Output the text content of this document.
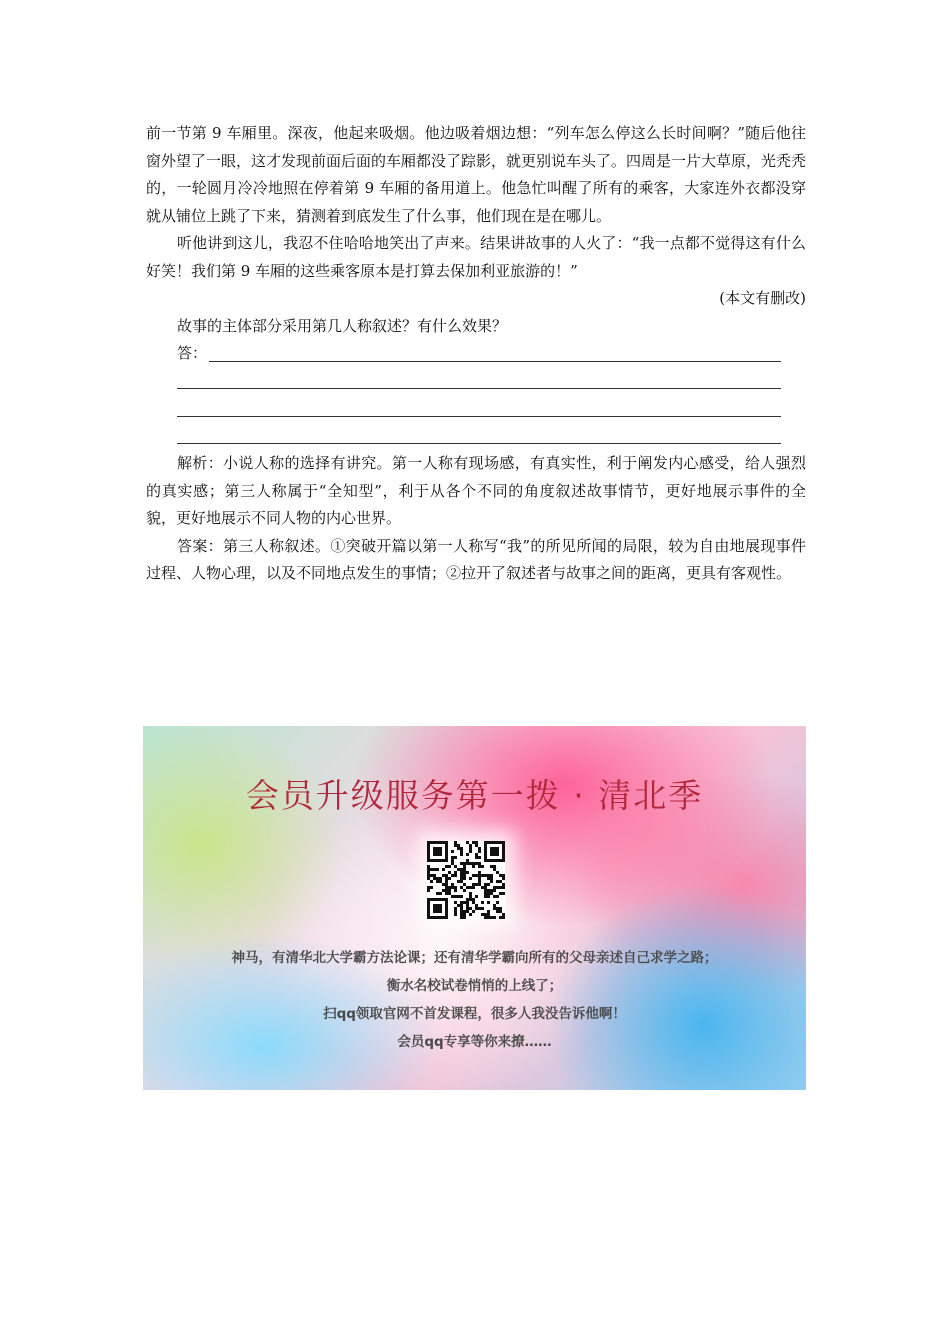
前一节第 9 车厢里。深夜，他起来吸烟。他边吸着烟边想：“列车怎么停这么长时间啊？”随后他往窗外望了一眼，这才发现前面后面的车厢都没了踪影，就更别说车头了。四周是一片大草原，光秃秃的，一轮圆月冷冷地照在停着第 9 车厢的备用道上。他急忙叫醒了所有的乘客，大家连外衣都没穿就从铺位上跳了下来，猜测着到底发生了什么事，他们现在是在哪儿。

听他讲到这儿，我忍不住哈哈地笑出了声来。结果讲故事的人火了：“我一点都不觉得这有什么好笑！我们第 9 车厢的这些乘客原本是打算去保加利亚旅游的！”

(本文有删改)

故事的主体部分采用第几人称叙述？有什么效果？

答：

解析：小说人称的选择有讲究。第一人称有现场感，有真实性，利于阐发内心感受，给人强烈的真实感；第三人称属于“全知型”，利于从各个不同的角度叙述故事情节，更好地展示事件的全貌，更好地展示不同人物的内心世界。

答案：第三人称叙述。①突破开篇以第一人称写“我”的所见所闻的局限，较为自由地展现事件过程、人物心理，以及不同地点发生的事情；②拉开了叙述者与故事之间的距离，更具有客观性。

会员升级服务第一拨 · 清北季
神马，有清华北大学霸方法论课；还有清华学霸向所有的父母亲述自己求学之路；
衡水名校试卷悄悄的上线了；
扫qq领取官网不首发课程，很多人我没告诉他啊！
会员qq专享等你来撩……
